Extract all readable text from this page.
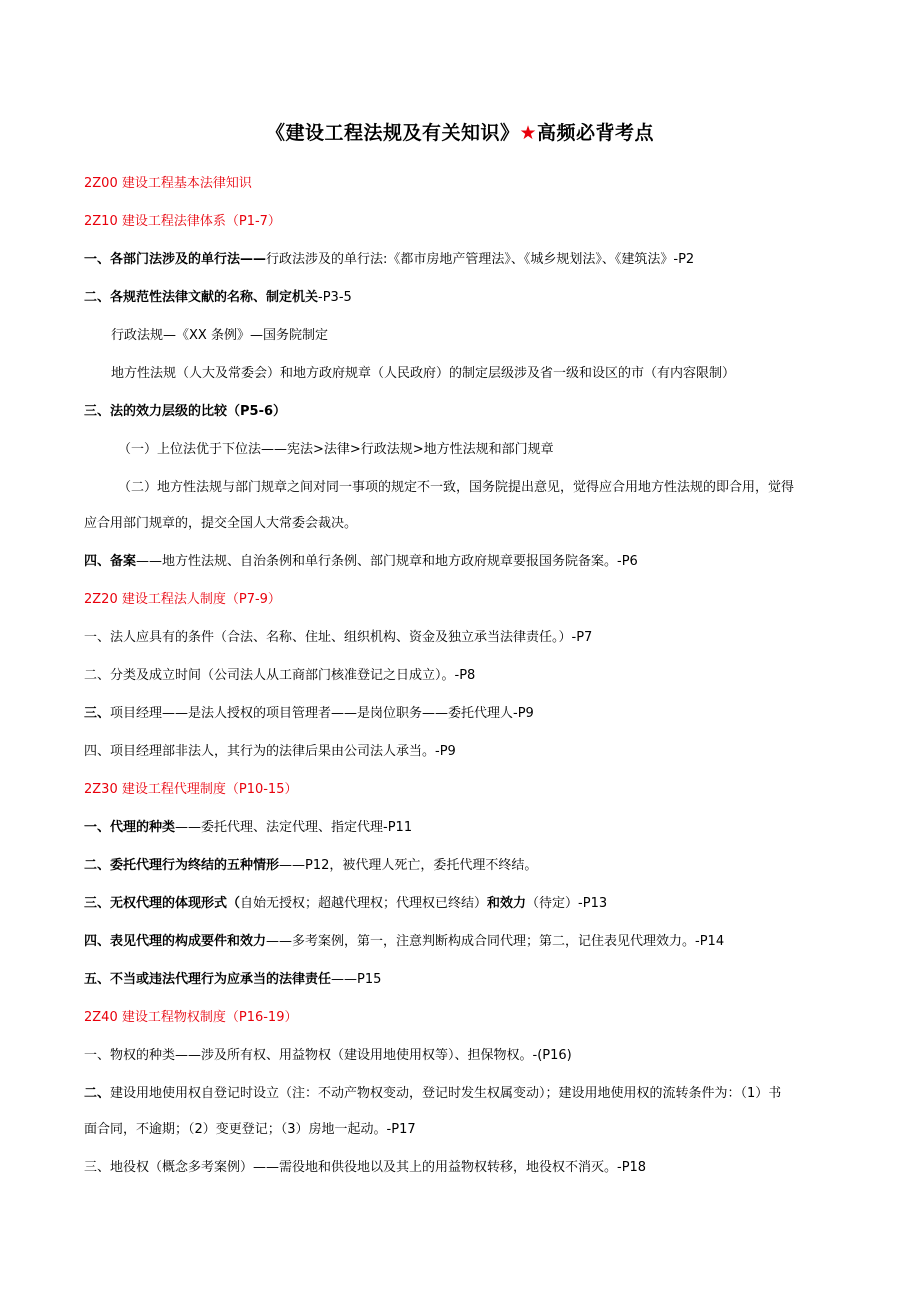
《建设工程法规及有关知识》★高频必背考点
2Z00 建设工程基本法律知识
2Z10 建设工程法律体系（P1-7）
一、各部门法涉及的单行法——行政法涉及的单行法:《都市房地产管理法》、《城乡规划法》、《建筑法》-P2
二、各规范性法律文献的名称、制定机关-P3-5
行政法规—《XX 条例》—国务院制定
地方性法规（人大及常委会）和地方政府规章（人民政府）的制定层级涉及省一级和设区的市（有内容限制）
三、法的效力层级的比较（P5-6）
（一）上位法优于下位法——宪法>法律>行政法规>地方性法规和部门规章
（二）地方性法规与部门规章之间对同一事项的规定不一致，国务院提出意见，觉得应合用地方性法规的即合用，觉得
应合用部门规章的，提交全国人大常委会裁决。
四、备案——地方性法规、自治条例和单行条例、部门规章和地方政府规章要报国务院备案。-P6
2Z20 建设工程法人制度（P7-9）
一、法人应具有的条件（合法、名称、住址、组织机构、资金及独立承当法律责任。）-P7
二、分类及成立时间（公司法人从工商部门核准登记之日成立）。-P8
三、项目经理——是法人授权的项目管理者——是岗位职务——委托代理人-P9
四、项目经理部非法人，其行为的法律后果由公司法人承当。-P9
2Z30 建设工程代理制度（P10-15）
一、代理的种类——委托代理、法定代理、指定代理-P11
二、委托代理行为终结的五种情形——P12，被代理人死亡，委托代理不终结。
三、无权代理的体现形式（自始无授权；超越代理权；代理权已终结）和效力（待定）-P13
四、表见代理的构成要件和效力——多考案例，第一，注意判断构成合同代理；第二，记住表见代理效力。-P14
五、不当或违法代理行为应承当的法律责任——P15
2Z40 建设工程物权制度（P16-19）
一、物权的种类——涉及所有权、用益物权（建设用地使用权等）、担保物权。-(P16)
二、建设用地使用权自登记时设立（注：不动产物权变动，登记时发生权属变动）；建设用地使用权的流转条件为：（1）书
面合同，不逾期；（2）变更登记；（3）房地一起动。-P17
三、地役权（概念多考案例）——需役地和供役地以及其上的用益物权转移，地役权不消灭。-P18
